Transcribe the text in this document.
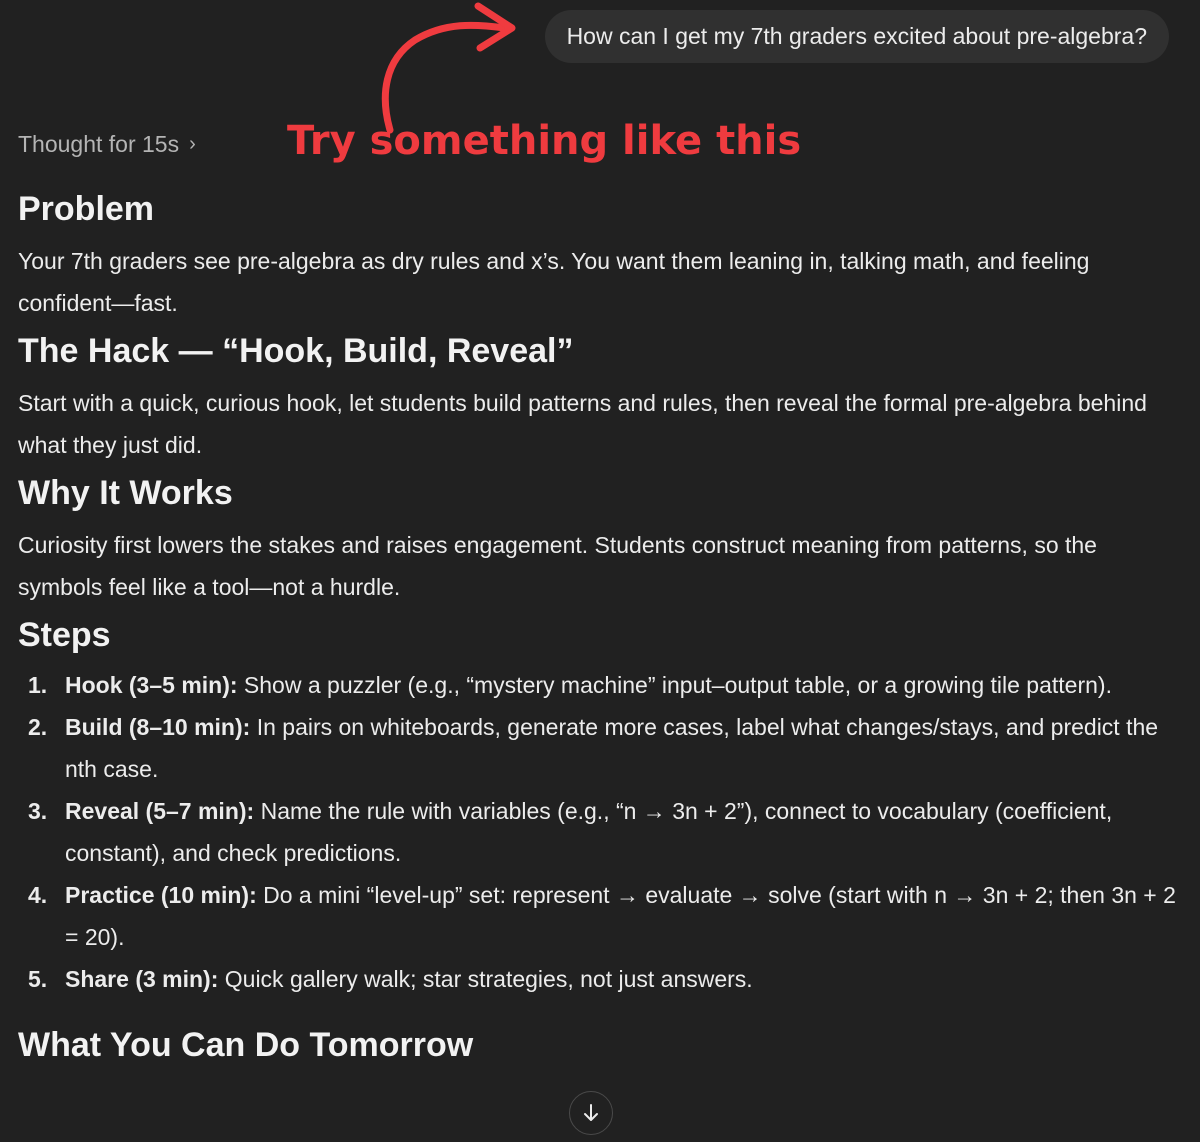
How can I get my 7th graders excited about pre-algebra?
Try something like this
Thought for 15s ›
Problem

Your 7th graders see pre-algebra as dry rules and x’s. You want them leaning in, talking math, and feeling confident—fast.

The Hack — “Hook, Build, Reveal”

Start with a quick, curious hook, let students build patterns and rules, then reveal the formal pre-algebra behind what they just did.

Why It Works

Curiosity first lowers the stakes and raises engagement. Students construct meaning from patterns, so the symbols feel like a tool—not a hurdle.

Steps
1. Hook (3–5 min): Show a puzzler (e.g., “mystery machine” input–output table, or a growing tile pattern).
2. Build (8–10 min): In pairs on whiteboards, generate more cases, label what changes/stays, and predict the nth case.
3. Reveal (5–7 min): Name the rule with variables (e.g., “n → 3n + 2”), connect to vocabulary (coefficient, constant), and check predictions.
4. Practice (10 min): Do a mini “level-up” set: represent → evaluate → solve (start with n → 3n + 2; then 3n + 2 = 20).
5. Share (3 min): Quick gallery walk; star strategies, not just answers.
What You Can Do Tomorrow
